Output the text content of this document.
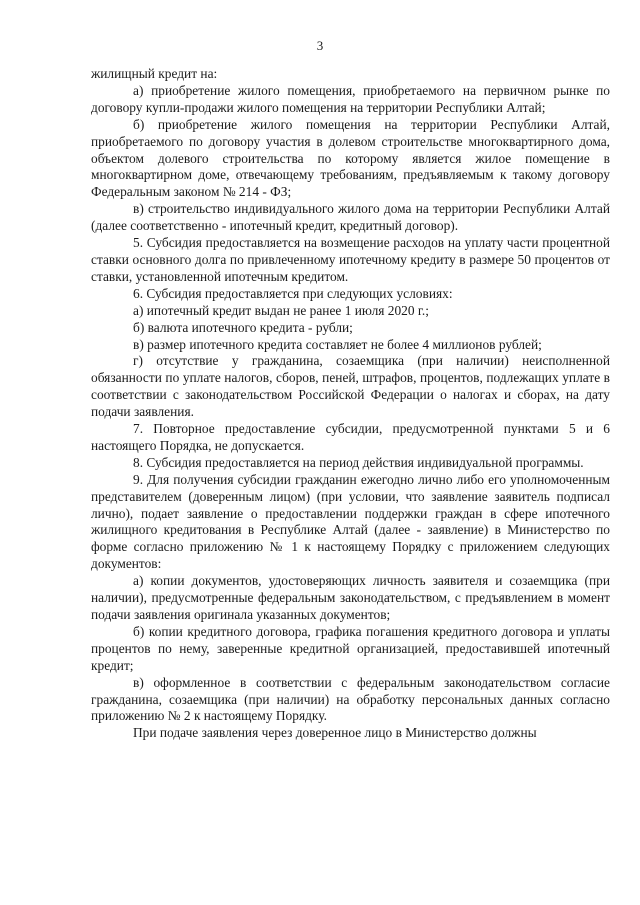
3

жилищный кредит на:

а) приобретение жилого помещения, приобретаемого на первичном рынке по договору купли-продажи жилого помещения на территории Республики Алтай;

б) приобретение жилого помещения на территории Республики Алтай, приобретаемого по договору участия в долевом строительстве многоквартирного дома, объектом долевого строительства по которому является жилое помещение в многоквартирном доме, отвечающему требованиям, предъявляемым к такому договору Федеральным законом № 214 - ФЗ;

в) строительство индивидуального жилого дома на территории Республики Алтай (далее соответственно - ипотечный кредит, кредитный договор).

5. Субсидия предоставляется на возмещение расходов на уплату части процентной ставки основного долга по привлеченному ипотечному кредиту в размере 50 процентов от ставки, установленной ипотечным кредитом.

6. Субсидия предоставляется при следующих условиях:

а) ипотечный кредит выдан не ранее 1 июля 2020 г.;

б) валюта ипотечного кредита - рубли;

в) размер ипотечного кредита составляет не более 4 миллионов рублей;

г) отсутствие у гражданина, созаемщика (при наличии) неисполненной обязанности по уплате налогов, сборов, пеней, штрафов, процентов, подлежащих уплате в соответствии с законодательством Российской Федерации о налогах и сборах, на дату подачи заявления.

7. Повторное предоставление субсидии, предусмотренной пунктами 5 и 6 настоящего Порядка, не допускается.

8. Субсидия предоставляется на период действия индивидуальной программы.

9. Для получения субсидии гражданин ежегодно лично либо его уполномоченным представителем (доверенным лицом) (при условии, что заявление заявитель подписал лично), подает заявление о предоставлении поддержки граждан в сфере ипотечного жилищного кредитования в Республике Алтай (далее - заявление) в Министерство по форме согласно приложению № 1 к настоящему Порядку с приложением следующих документов:

а) копии документов, удостоверяющих личность заявителя и созаемщика (при наличии), предусмотренные федеральным законодательством, с предъявлением в момент подачи заявления оригинала указанных документов;

б) копии кредитного договора, графика погашения кредитного договора и уплаты процентов по нему, заверенные кредитной организацией, предоставившей ипотечный кредит;

в) оформленное в соответствии с федеральным законодательством согласие гражданина, созаемщика (при наличии) на обработку персональных данных согласно приложению № 2 к настоящему Порядку.

При подаче заявления через доверенное лицо в Министерство должны
